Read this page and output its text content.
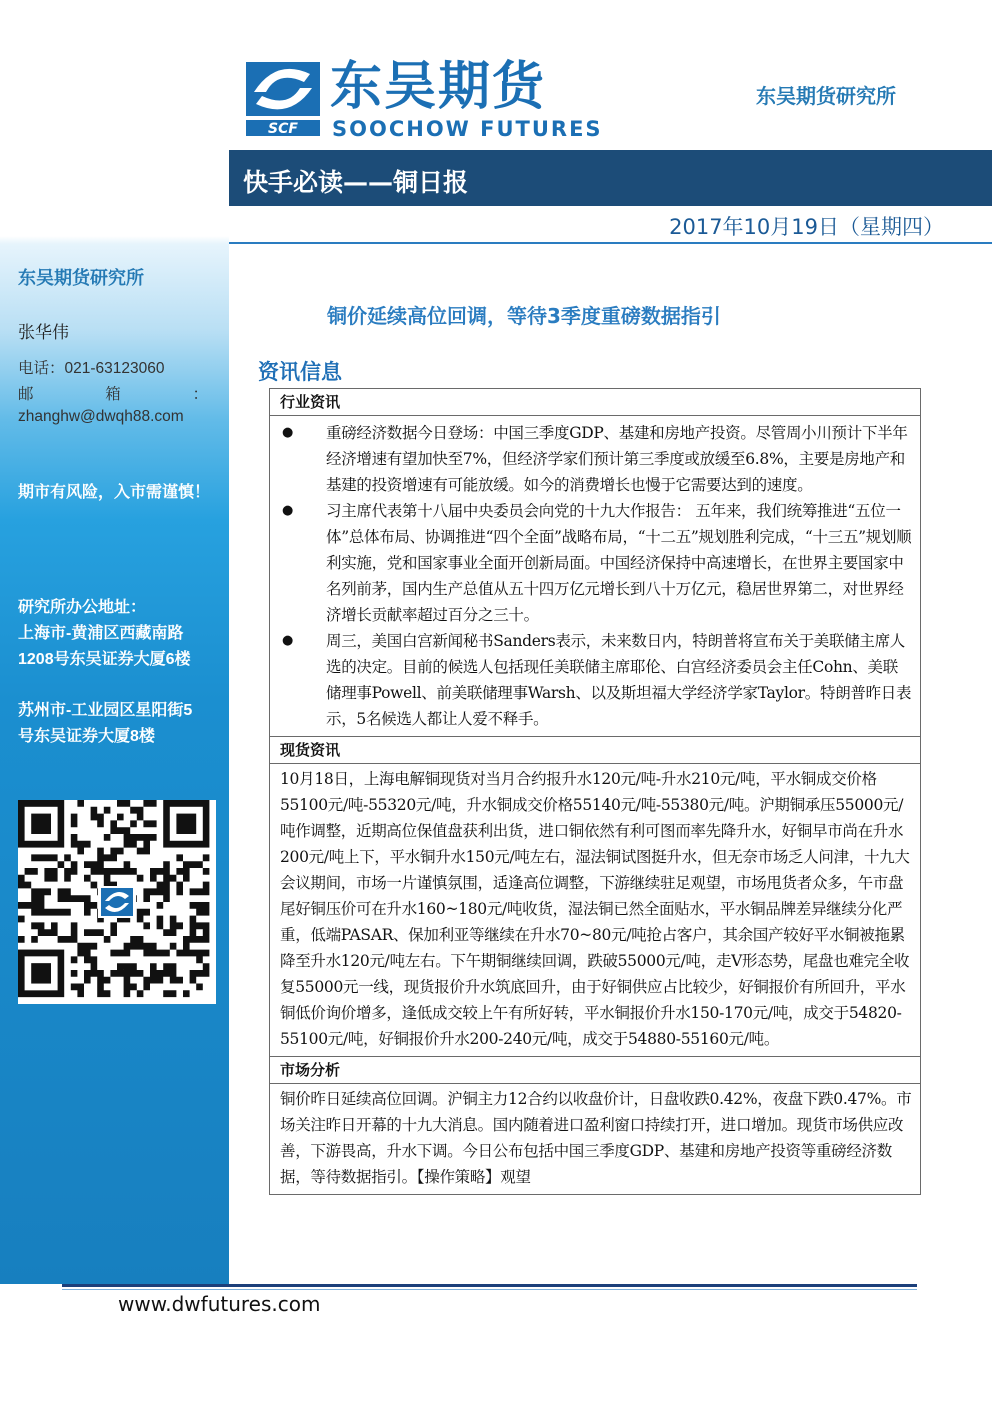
东吴期货研究所
张华伟
电话：021-63123060
邮 箱 ：
zhanghw@dwqh88.com
期市有风险，入市需谨慎！
研究所办公地址：
上海市-黄浦区西藏南路
1208号东吴证券大厦6楼
苏州市-工业园区星阳街5
号东吴证券大厦8楼
SCF
东吴期货
SOOCHOW FUTURES
东吴期货研究所
快手必读——铜日报
2017年10月19日（星期四）
铜价延续高位回调，等待3季度重磅数据指引
资讯信息
行业资讯

●	重磅经济数据今日登场：中国三季度GDP、基建和房地产投资。尽管周小川预计下半年经济增速有望加快至7%，但经济学家们预计第三季度或放缓至6.8%，主要是房地产和基建的投资增速有可能放缓。如今的消费增长也慢于它需要达到的速度。
●	习主席代表第十八届中央委员会向党的十九大作报告： 五年来，我们统筹推进“五位一体”总体布局、协调推进“四个全面”战略布局，“十二五”规划胜利完成，“十三五”规划顺利实施，党和国家事业全面开创新局面。中国经济保持中高速增长，在世界主要国家中名列前茅，国内生产总值从五十四万亿元增长到八十万亿元，稳居世界第二，对世界经济增长贡献率超过百分之三十。
●	周三，美国白宫新闻秘书Sanders表示，未来数日内，特朗普将宣布关于美联储主席人选的决定。目前的候选人包括现任美联储主席耶伦、白宫经济委员会主任Cohn、美联储理事Powell、前美联储理事Warsh、以及斯坦福大学经济学家Taylor。特朗普昨日表示，5名候选人都让人爱不释手。

现货资讯
10月18日，上海电解铜现货对当月合约报升水120元/吨-升水210元/吨，平水铜成交价格55100元/吨-55320元/吨，升水铜成交价格55140元/吨-55380元/吨。沪期铜承压55000元/吨作调整，近期高位保值盘获利出货，进口铜依然有利可图而率先降升水，好铜早市尚在升水200元/吨上下，平水铜升水150元/吨左右，湿法铜试图挺升水，但无奈市场乏人问津，十九大会议期间，市场一片谨慎氛围，适逢高位调整，下游继续驻足观望，市场甩货者众多，午市盘尾好铜压价可在升水160~180元/吨收货，湿法铜已然全面贴水，平水铜品牌差异继续分化严重，低端PASAR、保加利亚等继续在升水70~80元/吨抢占客户，其余国产较好平水铜被拖累降至升水120元/吨左右。下午期铜继续回调，跌破55000元/吨，走V形态势，尾盘也难完全收复55000元一线，现货报价升水筑底回升，由于好铜供应占比较少，好铜报价有所回升，平水铜低价询价增多，逢低成交较上午有所好转，平水铜报价升水150-170元/吨，成交于54820-55100元/吨，好铜报价升水200-240元/吨，成交于54880-55160元/吨。
市场分析
铜价昨日延续高位回调。沪铜主力12合约以收盘价计，日盘收跌0.42%，夜盘下跌0.47%。市场关注昨日开幕的十九大消息。国内随着进口盈利窗口持续打开，进口增加。现货市场供应改善，下游畏高，升水下调。今日公布包括中国三季度GDP、基建和房地产投资等重磅经济数据，等待数据指引。【操作策略】观望
www.dwfutures.com
